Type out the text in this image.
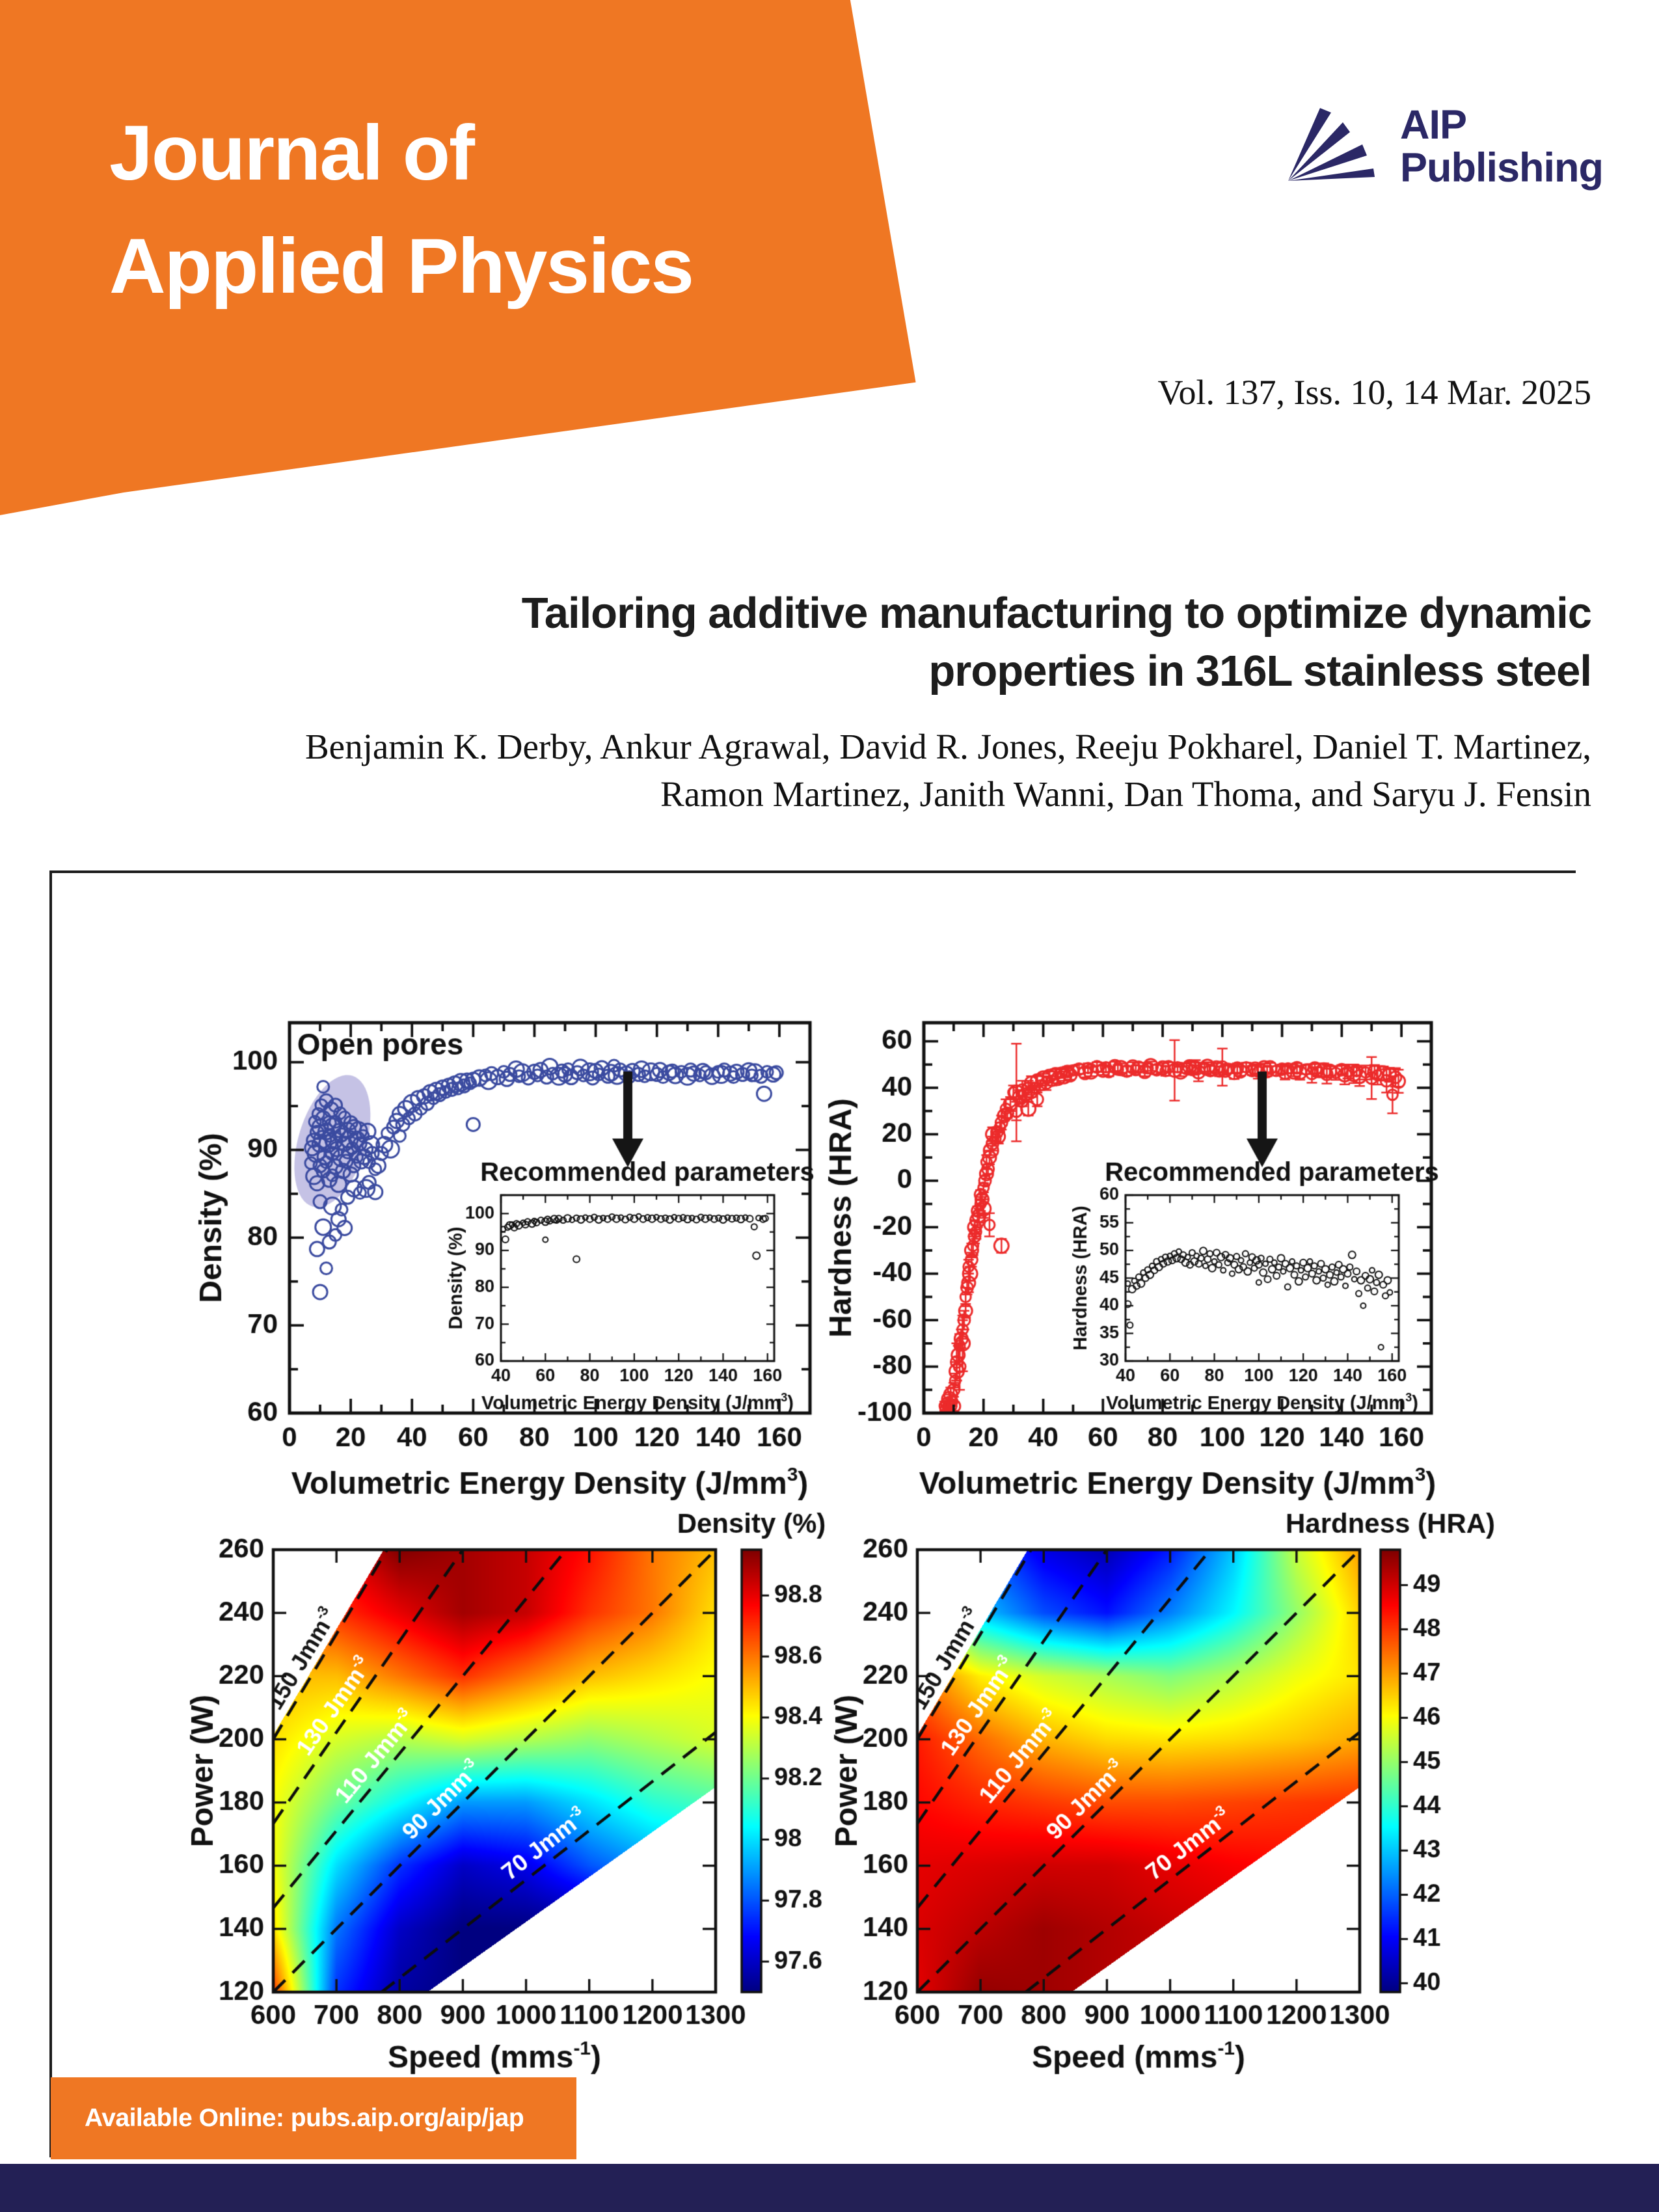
Journal of
Applied Physics
AIP
Publishing
Vol. 137, Iss. 10, 14 Mar. 2025
Tailoring additive manufacturing to optimize dynamic
properties in 316L stainless steel
Benjamin K. Derby, Ankur Agrawal, David R. Jones, Reeju Pokharel, Daniel T. Martinez,
Ramon Martinez, Janith Wanni, Dan Thoma, and Saryu J. Fensin
Available Online: pubs.aip.org/aip/jap
